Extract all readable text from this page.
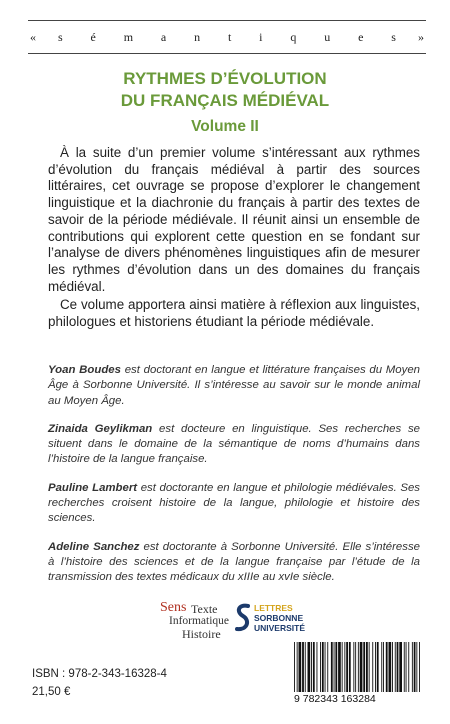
« s é m a n t i q u e s »
RYTHMES D’ÉVOLUTION
DU FRANÇAIS MÉDIÉVAL
Volume II

À la suite d’un premier volume s’intéressant aux rythmes d’évolution du français médiéval à partir des sources littéraires, cet ouvrage se propose d’explorer le changement linguistique et la diachronie du français à partir des textes de savoir de la période médiévale. Il réunit ainsi un ensemble de contributions qui explorent cette question en se fondant sur l’analyse de divers phénomènes linguistiques afin de mesurer les rythmes d’évolution dans un des domaines du français médiéval.

Ce volume apportera ainsi matière à réflexion aux linguistes, philologues et historiens étudiant la période médiévale.

Yoan Boudes est doctorant en langue et littérature françaises du Moyen Âge à Sorbonne Université. Il s’intéresse au savoir sur le monde animal au Moyen Âge.

Zinaida Geylikman est docteure en linguistique. Ses recherches se situent dans le domaine de la sémantique de noms d’humains dans l’histoire de la langue française.

Pauline Lambert est doctorante en langue et philologie médiévales. Ses recherches croisent histoire de la langue, philologie et histoire des sciences.

Adeline Sanchez est doctorante à Sorbonne Université. Elle s’intéresse à l’histoire des sciences et de la langue française par l’étude de la transmission des textes médicaux du xIIIe au xvIe siècle.

Sens Texte
Informatique
Histoire
LETTRES
SORBONNE
UNIVERSITÉ
ISBN : 978-2-343-16328-4
21,50 €
9 782343 163284
